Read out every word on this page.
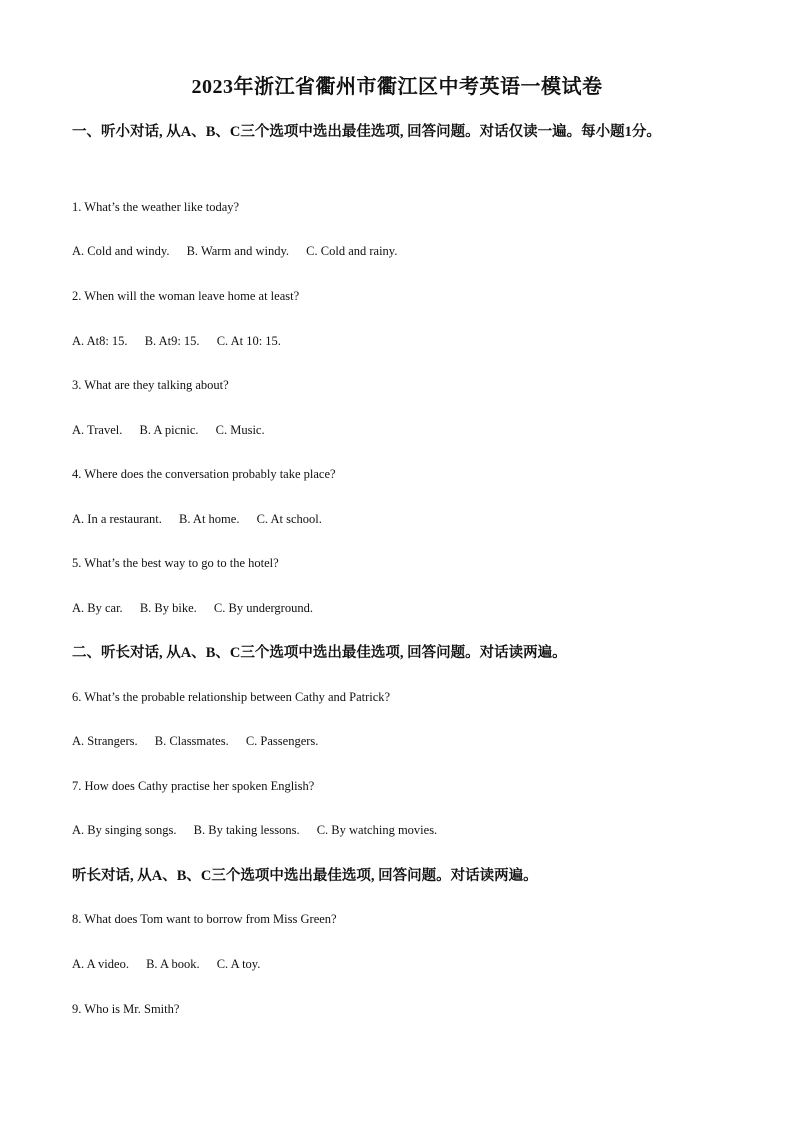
2023年浙江省衢州市衢江区中考英语一模试卷
一、听小对话, 从A、B、C三个选项中选出最佳选项, 回答问题。对话仅读一遍。每小题1分。
1. What’s the weather like today?
A. Cold and windy. B. Warm and windy. C. Cold and rainy.
2. When will the woman leave home at least?
A. At8: 15. B. At9: 15. C. At 10: 15.
3. What are they talking about?
A. Travel. B. A picnic. C. Music.
4. Where does the conversation probably take place?
A. In a restaurant. B. At home. C. At school.
5. What’s the best way to go to the hotel?
A. By car. B. By bike. C. By underground.
二、听长对话, 从A、B、C三个选项中选出最佳选项, 回答问题。对话读两遍。
6. What’s the probable relationship between Cathy and Patrick?
A. Strangers. B. Classmates. C. Passengers.
7. How does Cathy practise her spoken English?
A. By singing songs. B. By taking lessons. C. By watching movies.
听长对话, 从A、B、C三个选项中选出最佳选项, 回答问题。对话读两遍。
8. What does Tom want to borrow from Miss Green?
A. A video. B. A book. C. A toy.
9. Who is Mr. Smith?
